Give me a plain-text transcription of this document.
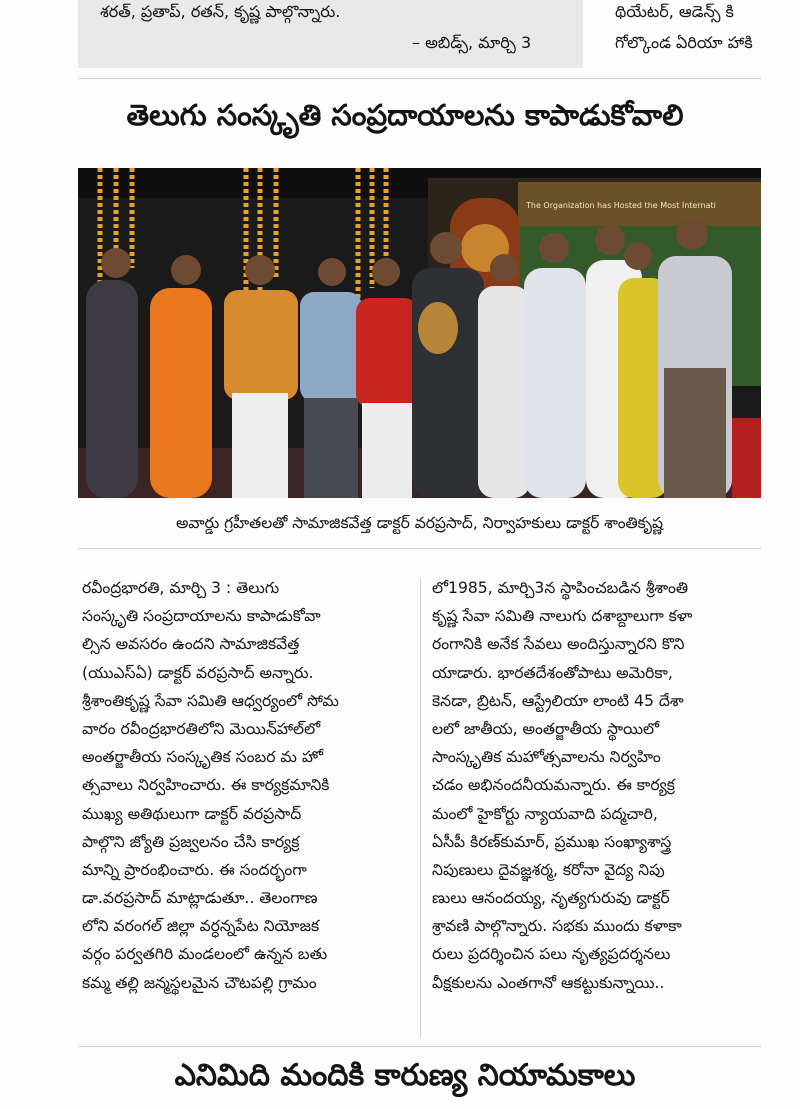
శరత్, ప్రతాప్, రతన్, కృష్ణ పాల్గొన్నారు.
– అబిడ్స్, మార్చి 3
థియేటర్, ఆడెన్స్ కి
గోల్కొండ ఏరియా హాకి
తెలుగు సంస్కృతి సంప్రదాయాలను కాపాడుకోవాలి
The Organization has Hosted the Most Internati
అవార్డు గ్రహీతలతో సామాజికవేత్త డాక్టర్ వరప్రసాద్, నిర్వాహకులు డాక్టర్ శాంతికృష్ణ
రవీంద్రభారతి, మార్చి 3 : తెలుగు
సంస్కృతి సంప్రదాయాలను కాపాడుకోవా
ల్సిన అవసరం ఉందని సామాజికవేత్త
(యుఎస్ఏ) డాక్టర్ వరప్రసాద్ అన్నారు.
శ్రీశాంతికృష్ణ సేవా సమితి ఆధ్వర్యంలో సోమ
వారం రవీంద్రభారతిలోని మెయిన్‌హాల్‌లో
అంతర్జాతీయ సంస్కృతిక సంబర మ హో
త్సవాలు నిర్వహించారు. ఈ కార్యక్రమానికి
ముఖ్య అతిథులుగా డాక్టర్ వరప్రసాద్
పాల్గొని జ్యోతి ప్రజ్వలనం చేసి కార్యక్ర
మాన్ని ప్రారంభించారు. ఈ సందర్భంగా
డా.వరప్రసాద్ మాట్లాడుతూ.. తెలంగాణ
లోని వరంగల్ జిల్లా వర్ధన్నపేట నియోజక
వర్గం పర్వతగిరి మండలంలో ఉన్నన బతు
కమ్మ తల్లి జన్మస్థలమైన చౌటపల్లి గ్రామం
లో1985, మార్చి3న స్థాపించబడిన శ్రీశాంతి
కృష్ణ సేవా సమితి నాలుగు దశాబ్దాలుగా కళా
రంగానికి అనేక సేవలు అందిస్తున్నారని కొని
యాడారు. భారతదేశంతోపాటు అమెరికా,
కెనడా, బ్రిటన్, ఆస్ట్రేలియా లాంటి 45 దేశా
లలో జాతీయ, అంతర్జాతీయ స్థాయిలో
సాంస్కృతిక మహోత్సవాలను నిర్వహిం
చడం అభినందనీయమన్నారు. ఈ కార్యక్ర
మంలో హైకోర్టు న్యాయవాది పద్మచారి,
ఏసీపీ కిరణ్‌కుమార్, ప్రముఖ సంఖ్యాశాస్త్ర
నిపుణులు దైవజ్ఞశర్మ, కరోనా వైద్య నిపు
ణులు ఆనందయ్య, నృత్యగురువు డాక్టర్
శ్రావణి పాల్గొన్నారు. సభకు ముందు కళాకా
రులు ప్రదర్శించిన పలు నృత్యప్రదర్శనలు
వీక్షకులను ఎంతగానో ఆకట్టుకున్నాయి..
ఎనిమిది మందికి కారుణ్య నియామకాలు
